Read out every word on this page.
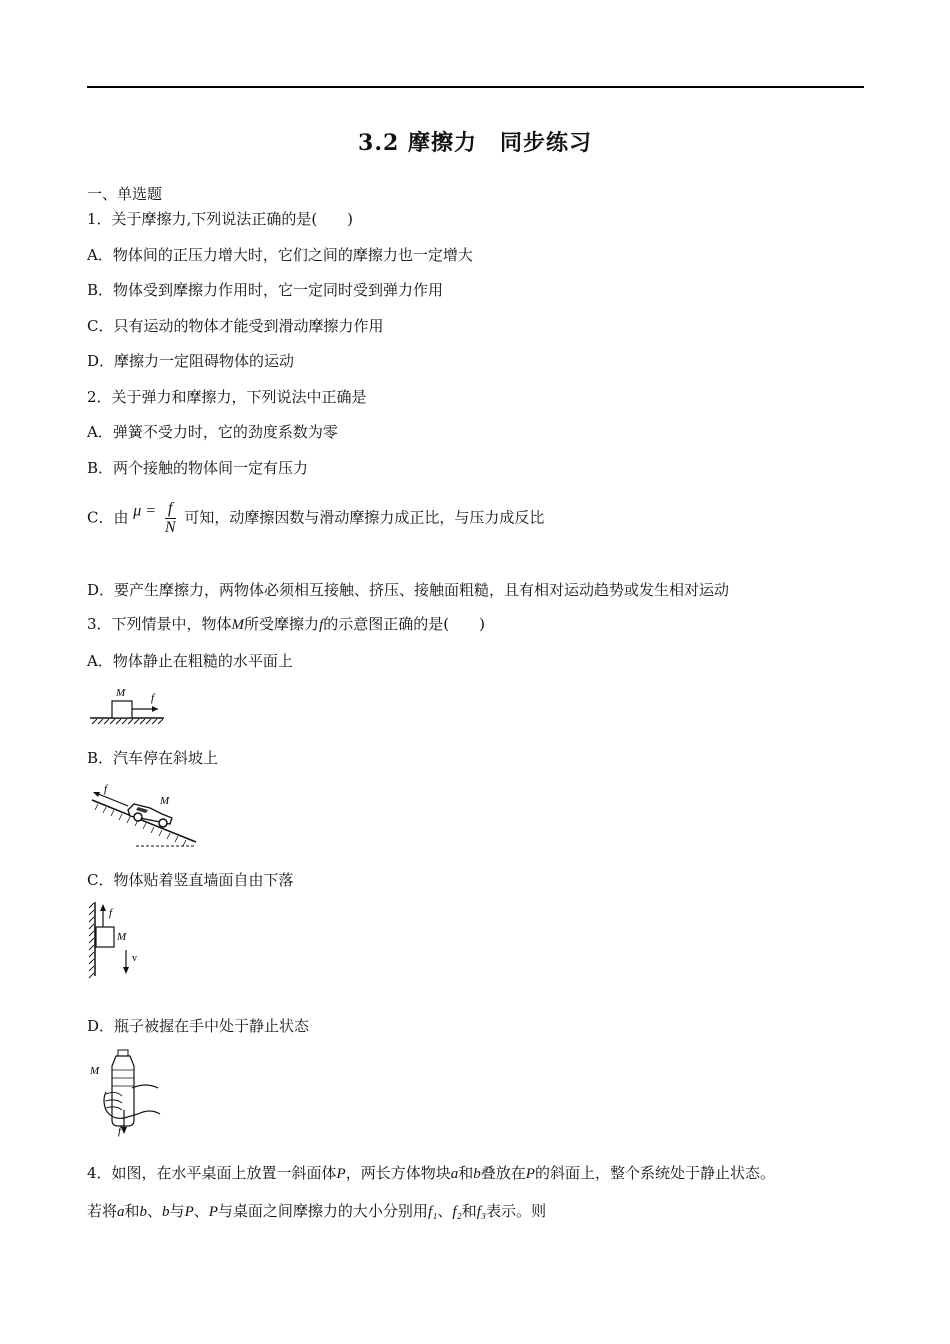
3.2 摩擦力　同步练习
一、单选题
1．关于摩擦力,下列说法正确的是(　　)
A．物体间的正压力增大时，它们之间的摩擦力也一定增大
B．物体受到摩擦力作用时，它一定同时受到弹力作用
C．只有运动的物体才能受到滑动摩擦力作用
D．摩擦力一定阻碍物体的运动
2．关于弹力和摩擦力，下列说法中正确是
A．弹簧不受力时，它的劲度系数为零
B．两个接触的物体间一定有压力
C．由 $\mu = \frac{f}{N}$ 可知，动摩擦因数与滑动摩擦力成正比，与压力成反比
D．要产生摩擦力，两物体必须相互接触、挤压、接触面粗糙，且有相对运动趋势或发生相对运动
3．下列情景中，物体M所受摩擦力f的示意图正确的是(　　)
A．物体静止在粗糙的水平面上
M f
B．汽车停在斜坡上
f
M
C．物体贴着竖直墙面自由下落
f
M
v
D．瓶子被握在手中处于静止状态
M
f
4．如图，在水平桌面上放置一斜面体P，两长方体物块a和b叠放在P的斜面上，整个系统处于静止状态。
若将a和b、b与P、P与桌面之间摩擦力的大小分别用f₁、f₂和f₃表示。则
